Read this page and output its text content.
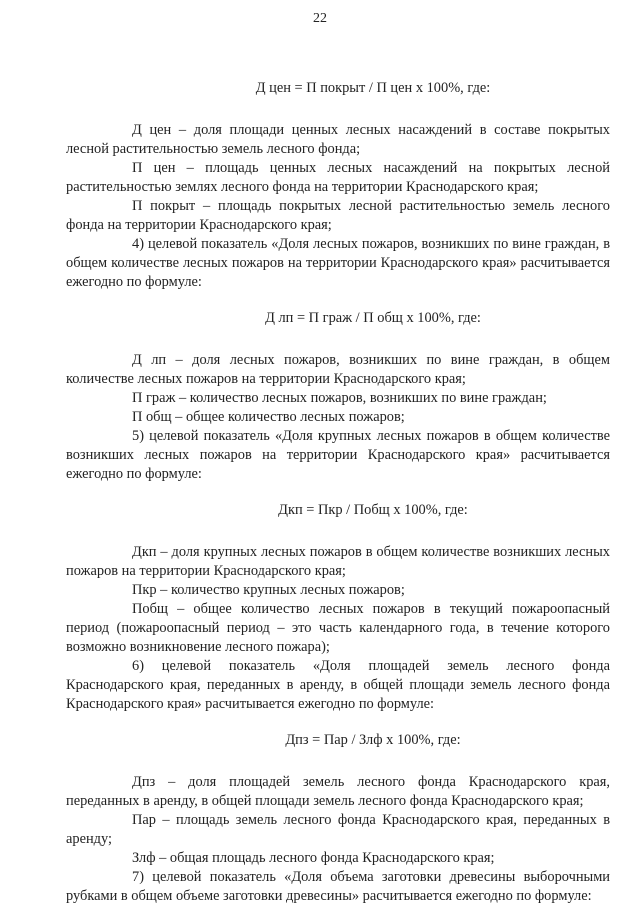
22

Д цен = П покрыт / П цен х 100%, где:

Д цен – доля площади ценных лесных насаждений в составе покрытых лесной растительностью земель лесного фонда;

П цен – площадь ценных лесных насаждений на покрытых лесной растительностью землях лесного фонда на территории Краснодарского края;

П покрыт – площадь покрытых лесной растительностью земель лесного фонда на территории Краснодарского края;

4) целевой показатель «Доля лесных пожаров, возникших по вине граждан, в общем количестве лесных пожаров на территории Краснодарского края» расчитывается ежегодно по формуле:

Д лп = П граж / П общ х 100%, где:

Д лп – доля лесных пожаров, возникших по вине граждан, в общем количестве лесных пожаров на территории Краснодарского края;

П граж – количество лесных пожаров, возникших по вине граждан;

П общ – общее количество лесных пожаров;

5) целевой показатель «Доля крупных лесных пожаров в общем количестве возникших лесных пожаров на территории Краснодарского края» расчитывается ежегодно по формуле:

Дкп = Пкр / Побщ х 100%, где:

Дкп – доля крупных лесных пожаров в общем количестве возникших лесных пожаров на территории Краснодарского края;

Пкр – количество крупных лесных пожаров;

Побщ – общее количество лесных пожаров в текущий пожароопасный период (пожароопасный период – это часть календарного года, в течение которого возможно возникновение лесного пожара);

6) целевой показатель «Доля площадей земель лесного фонда Краснодарского края, переданных в аренду, в общей площади земель лесного фонда Краснодарского края» расчитывается ежегодно по формуле:

Дпз = Пар / Злф х 100%, где:

Дпз – доля площадей земель лесного фонда Краснодарского края, переданных в аренду, в общей площади земель лесного фонда Краснодарского края;

Пар – площадь земель лесного фонда Краснодарского края, переданных в аренду;

Злф – общая площадь лесного фонда Краснодарского края;

7) целевой показатель «Доля объема заготовки древесины выборочными рубками в общем объеме заготовки древесины» расчитывается ежегодно по формуле:
